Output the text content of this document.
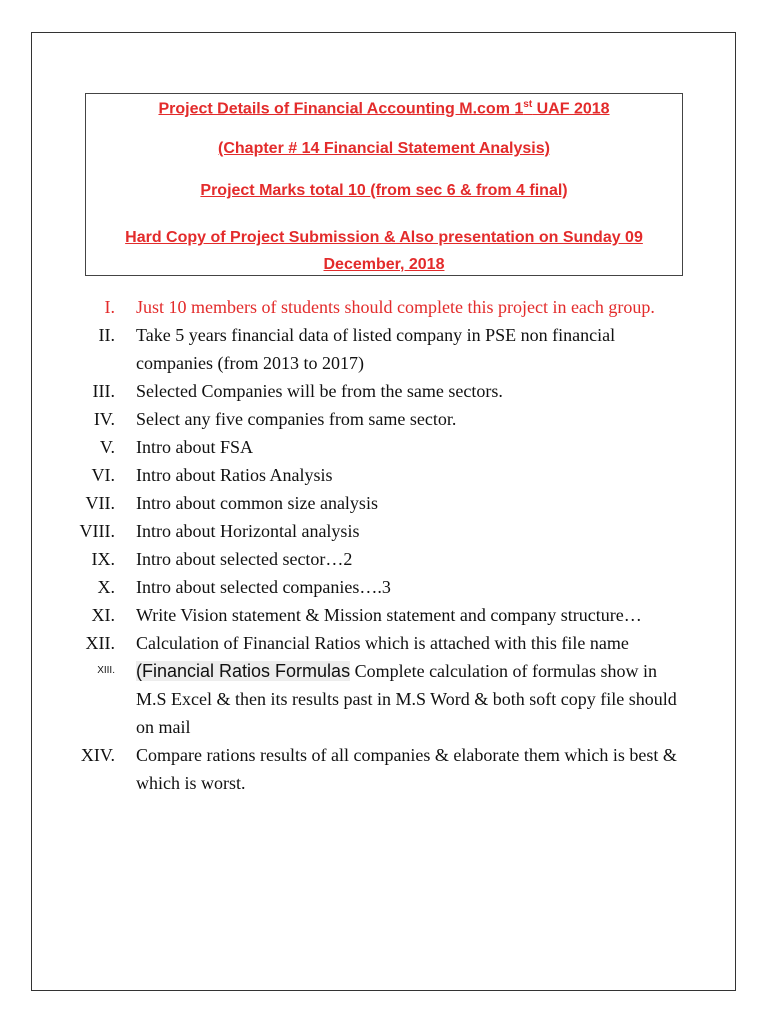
Project Details of Financial Accounting M.com 1st UAF 2018

(Chapter # 14 Financial Statement Analysis)

Project Marks total 10 (from sec 6 & from 4 final)

Hard Copy of Project Submission & Also presentation on Sunday 09 December, 2018

I.	Just 10 members of students should complete this project in each group.
II.	Take 5 years financial data of listed company in PSE non financial companies (from 2013 to 2017)
III.	Selected Companies will be from the same sectors.
IV.	Select any five companies from same sector.
V.	Intro about FSA
VI.	Intro about Ratios Analysis
VII.	Intro about common size analysis
VIII.	Intro about Horizontal analysis
IX.	Intro about selected sector…2
X.	Intro about selected companies….3
XI.	Write Vision statement & Mission statement and company structure…
XII.	Calculation of Financial Ratios which is attached with this file name
XIII.	(Financial Ratios Formulas Complete calculation of formulas show in M.S Excel & then its results past in M.S Word & both soft copy file should on mail
XIV.	Compare rations results of all companies & elaborate them which is best & which is worst.
